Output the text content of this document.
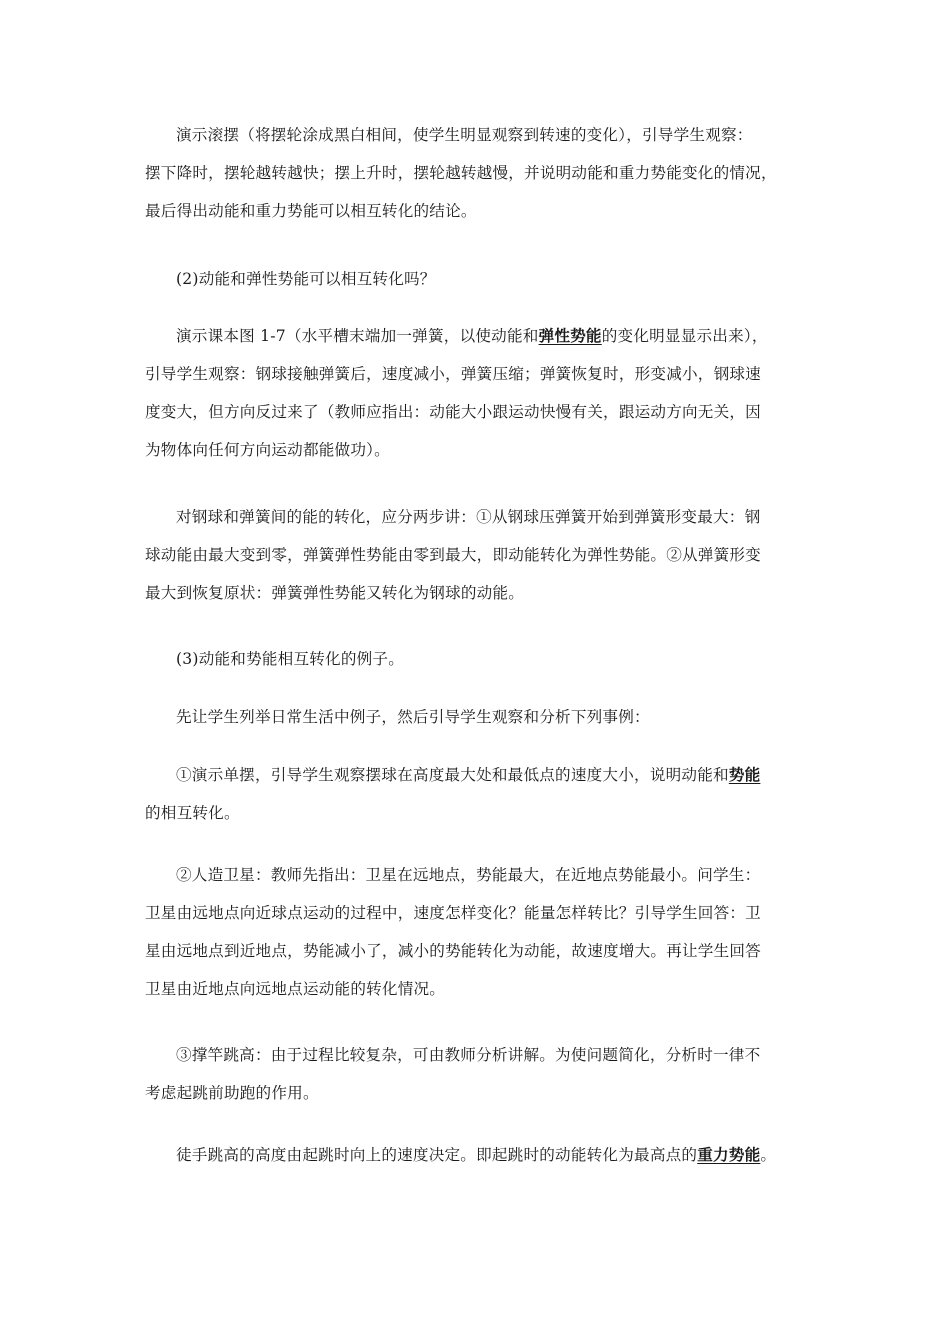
演示滚摆（将摆轮涂成黑白相间，使学生明显观察到转速的变化），引导学生观察：
摆下降时，摆轮越转越快；摆上升时，摆轮越转越慢，并说明动能和重力势能变化的情况，
最后得出动能和重力势能可以相互转化的结论。
(2)动能和弹性势能可以相互转化吗？
演示课本图 1-7（水平槽末端加一弹簧，以使动能和弹性势能的变化明显显示出来），
引导学生观察：钢球接触弹簧后，速度减小，弹簧压缩；弹簧恢复时，形变减小，钢球速
度变大，但方向反过来了（教师应指出：动能大小跟运动快慢有关，跟运动方向无关，因
为物体向任何方向运动都能做功）。
对钢球和弹簧间的能的转化，应分两步讲：①从钢球压弹簧开始到弹簧形变最大：钢
球动能由最大变到零，弹簧弹性势能由零到最大，即动能转化为弹性势能。②从弹簧形变
最大到恢复原状：弹簧弹性势能又转化为钢球的动能。
(3)动能和势能相互转化的例子。
先让学生列举日常生活中例子，然后引导学生观察和分析下列事例：
①演示单摆，引导学生观察摆球在高度最大处和最低点的速度大小，说明动能和势能
的相互转化。
②人造卫星：教师先指出：卫星在远地点，势能最大，在近地点势能最小。问学生：
卫星由远地点向近球点运动的过程中，速度怎样变化？能量怎样转比？引导学生回答：卫
星由远地点到近地点，势能减小了，减小的势能转化为动能，故速度增大。再让学生回答
卫星由近地点向远地点运动能的转化情况。
③撑竿跳高：由于过程比较复杂，可由教师分析讲解。为使问题简化，分析时一律不
考虑起跳前助跑的作用。
徒手跳高的高度由起跳时向上的速度决定。即起跳时的动能转化为最高点的重力势能。
